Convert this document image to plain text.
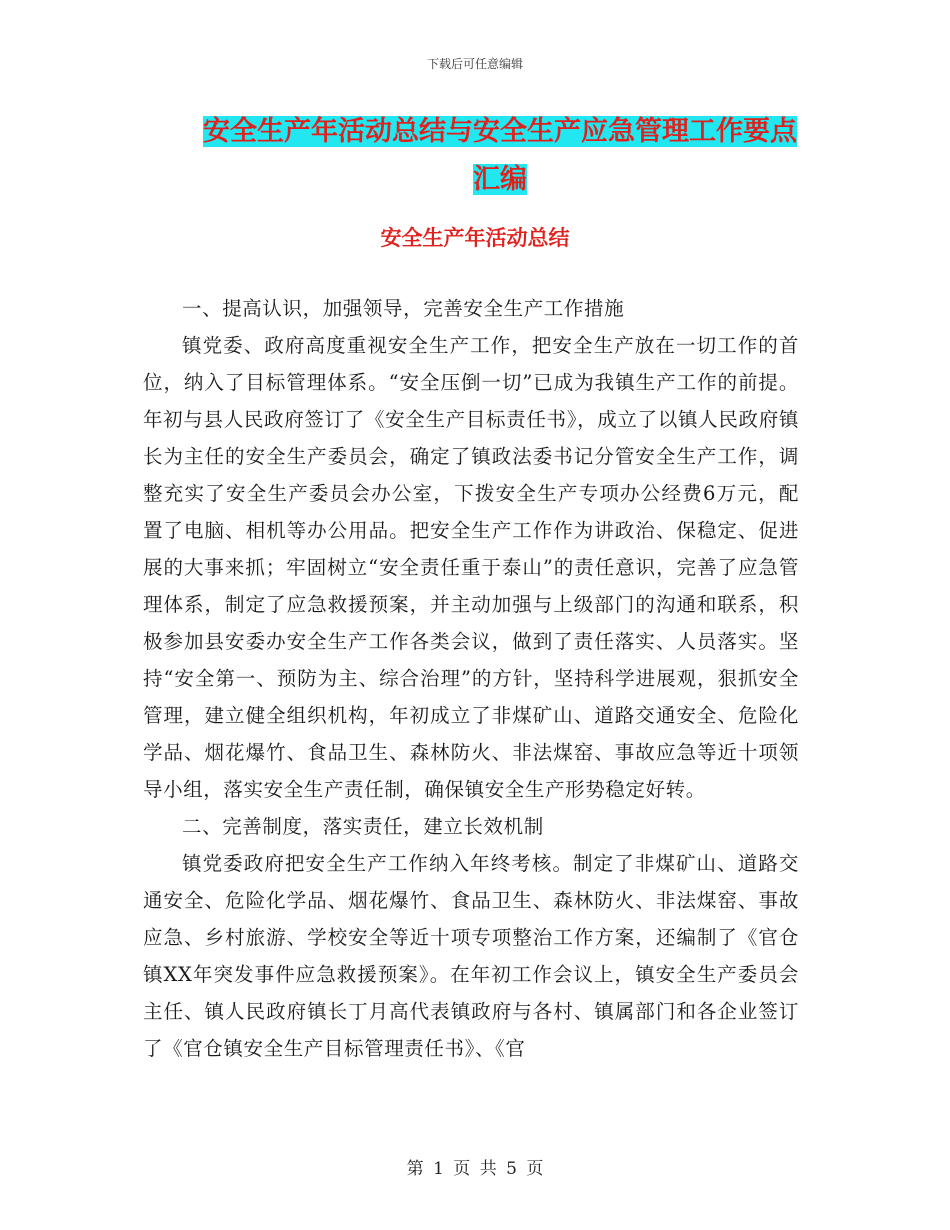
下载后可任意编辑
安全生产年活动总结与安全生产应急管理工作要点汇编
安全生产年活动总结

一、提高认识，加强领导，完善安全生产工作措施

镇党委、政府高度重视安全生产工作，把安全生产放在一切工作的首位，纳入了目标管理体系。“安全压倒一切”已成为我镇生产工作的前提。年初与县人民政府签订了《安全生产目标责任书》，成立了以镇人民政府镇长为主任的安全生产委员会，确定了镇政法委书记分管安全生产工作，调整充实了安全生产委员会办公室，下拨安全生产专项办公经费6万元，配置了电脑、相机等办公用品。把安全生产工作作为讲政治、保稳定、促进展的大事来抓；牢固树立“安全责任重于泰山”的责任意识，完善了应急管理体系，制定了应急救援预案，并主动加强与上级部门的沟通和联系，积极参加县安委办安全生产工作各类会议，做到了责任落实、人员落实。坚持“安全第一、预防为主、综合治理”的方针，坚持科学进展观，狠抓安全管理，建立健全组织机构，年初成立了非煤矿山、道路交通安全、危险化学品、烟花爆竹、食品卫生、森林防火、非法煤窑、事故应急等近十项领导小组，落实安全生产责任制，确保镇安全生产形势稳定好转。

二、完善制度，落实责任，建立长效机制

镇党委政府把安全生产工作纳入年终考核。制定了非煤矿山、道路交通安全、危险化学品、烟花爆竹、食品卫生、森林防火、非法煤窑、事故应急、乡村旅游、学校安全等近十项专项整治工作方案，还编制了《官仓镇XX年突发事件应急救援预案》。在年初工作会议上，镇安全生产委员会主任、镇人民政府镇长丁月高代表镇政府与各村、镇属部门和各企业签订了《官仓镇安全生产目标管理责任书》、《官

第 1 页 共 5 页
